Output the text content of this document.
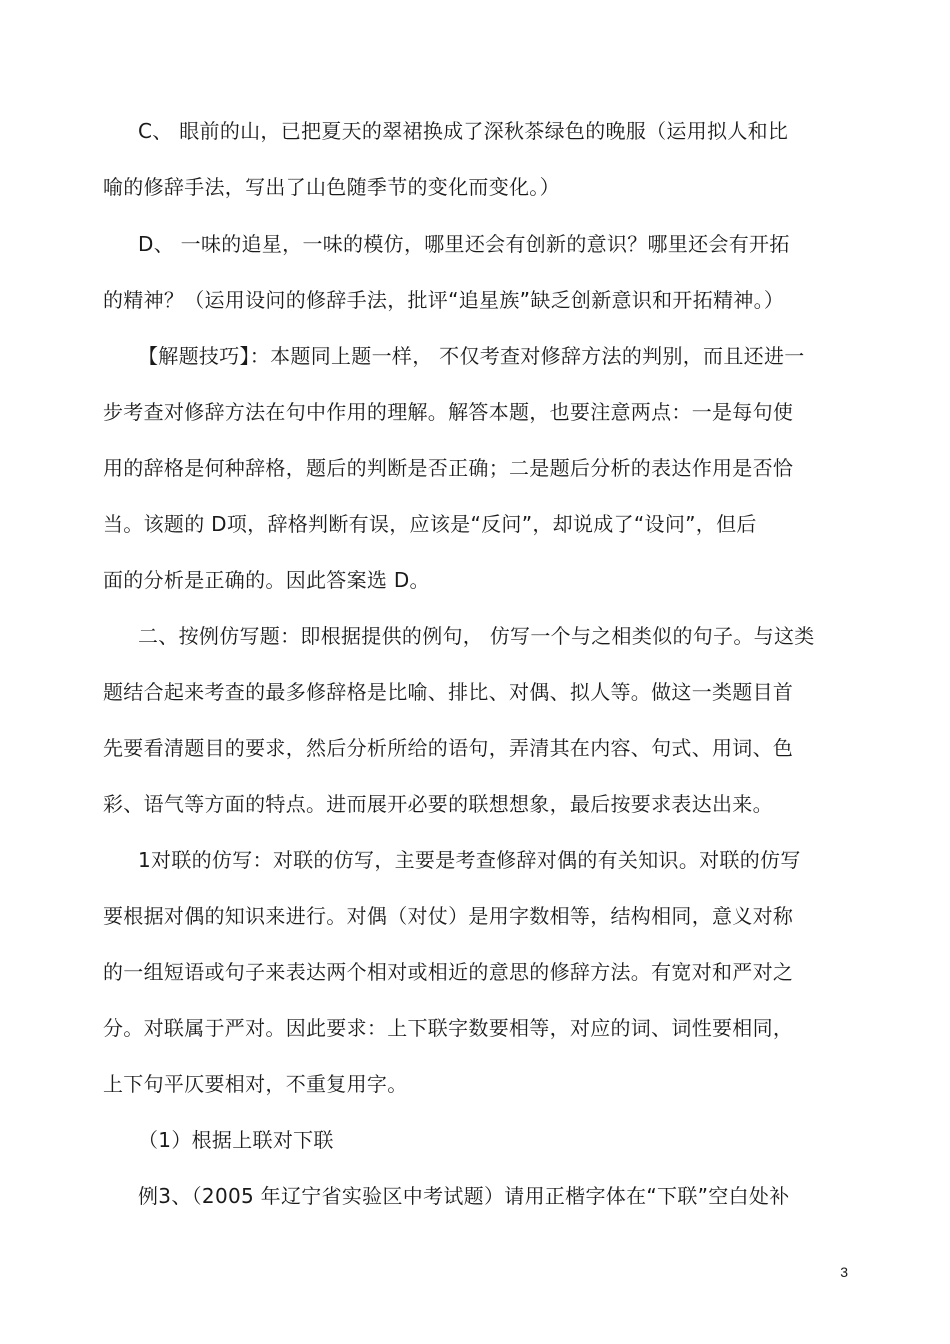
C、 眼前的山，已把夏天的翠裙换成了深秋茶绿色的晚服（运用拟人和比
喻的修辞手法，写出了山色随季节的变化而变化。）
D、 一味的追星，一味的模仿，哪里还会有创新的意识？哪里还会有开拓
的精神？（运用设问的修辞手法，批评“追星族”缺乏创新意识和开拓精神。）
【解题技巧】：本题同上题一样， 不仅考查对修辞方法的判别，而且还进一
步考查对修辞方法在句中作用的理解。解答本题，也要注意两点：一是每句使
用的辞格是何种辞格，题后的判断是否正确；二是题后分析的表达作用是否恰
当。该题的 D项，辞格判断有误，应该是“反问”，却说成了“设问”，但后
面的分析是正确的。因此答案选 D。
二、按例仿写题：即根据提供的例句， 仿写一个与之相类似的句子。与这类
题结合起来考查的最多修辞格是比喻、排比、对偶、拟人等。做这一类题目首
先要看清题目的要求，然后分析所给的语句，弄清其在内容、句式、用词、色
彩、语气等方面的特点。进而展开必要的联想想象，最后按要求表达出来。
1对联的仿写：对联的仿写，主要是考查修辞对偶的有关知识。对联的仿写
要根据对偶的知识来进行。对偶（对仗）是用字数相等，结构相同，意义对称
的一组短语或句子来表达两个相对或相近的意思的修辞方法。有宽对和严对之
分。对联属于严对。因此要求：上下联字数要相等，对应的词、词性要相同，
上下句平仄要相对，不重复用字。
（1）根据上联对下联
例3、（2005 年辽宁省实验区中考试题）请用正楷字体在“下联”空白处补
3
